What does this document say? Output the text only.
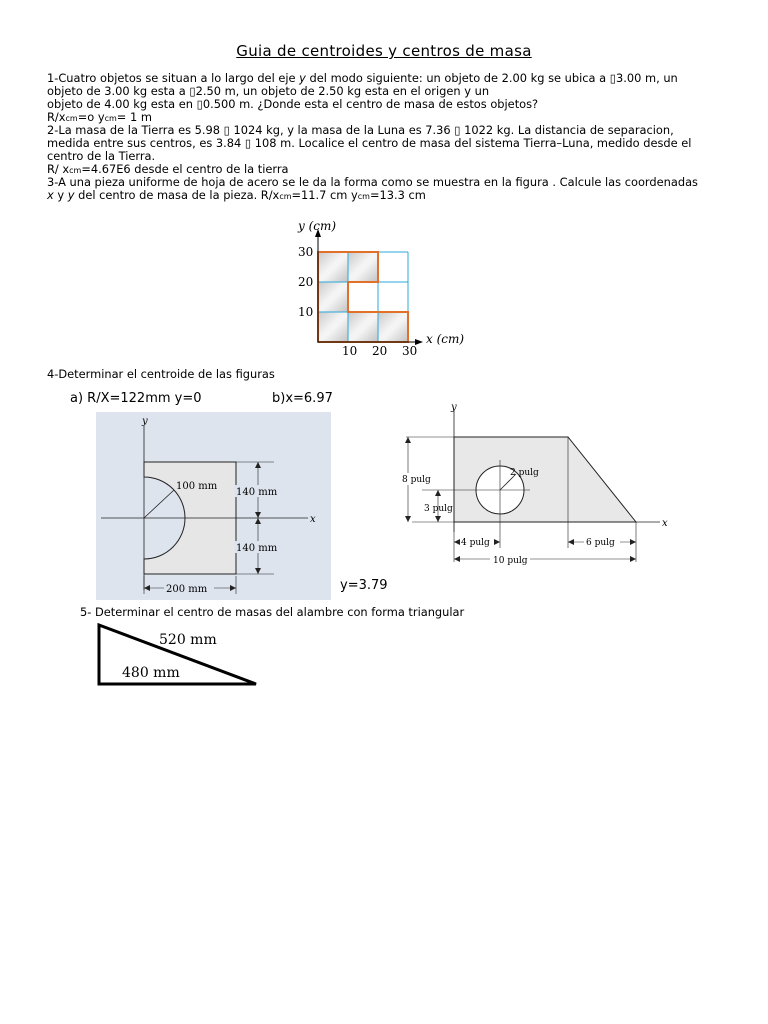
Guia de centroides y centros de masa
1-Cuatro objetos se situan a lo largo del eje y del modo siguiente: un objeto de 2.00 kg se ubica a ▯3.00 m, un
objeto de 3.00 kg esta a ▯2.50 m, un objeto de 2.50 kg esta en el origen y un
objeto de 4.00 kg esta en ▯0.500 m. ¿Donde esta el centro de masa de estos objetos?
R/xcm=o ycm= 1 m
2-La masa de la Tierra es 5.98 ▯ 1024 kg, y la masa de la Luna es 7.36 ▯ 1022 kg. La distancia de separacion,
medida entre sus centros, es 3.84 ▯ 108 m. Localice el centro de masa del sistema Tierra–Luna, medido desde el
centro de la Tierra.
R/ xcm=4.67E6 desde el centro de la tierra
3-A una pieza uniforme de hoja de acero se le da la forma como se muestra en la figura . Calcule las coordenadas
x y y del centro de masa de la pieza. R/xcm=11.7 cm ycm=13.3 cm
y (cm)
x (cm)
30
20
10
10 20 30
4-Determinar el centroide de las figuras
a) R/X=122mm y=0	b)x=6.97
y=3.79
y
x
100 mm
140 mm
140 mm
200 mm
y
x
2 pulg
8 pulg
3 pulg
4 pulg	6 pulg
10 pulg
5- Determinar el centro de masas del alambre con forma triangular
520 mm
480 mm
